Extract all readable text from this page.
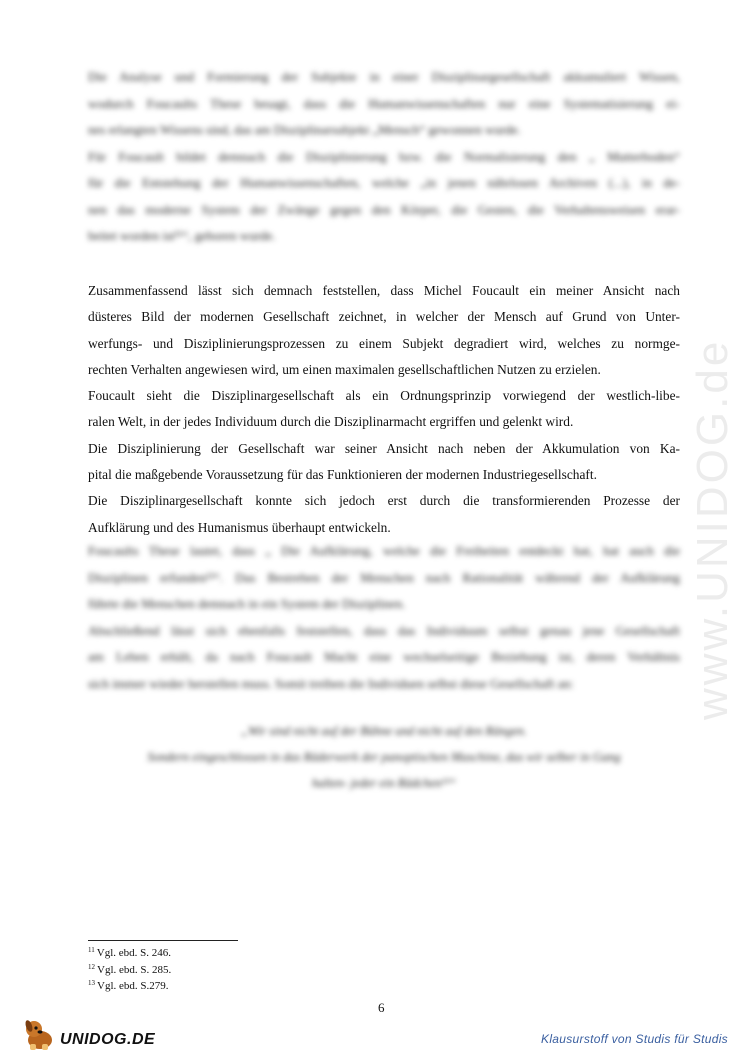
www.UNIDOG.de
Die Analyse und Formierung der Subjekte in einer Disziplinargesellschaft akkumuliert Wissen,
wodurch Foucaults These besagt, dass die Humanwissenschaften nur eine Systematisierung ei-
nes erlangten Wissens sind, das am Disziplinarsubjekt „Mensch“ gewonnen wurde.
Für Foucault bildet demnach die Disziplinierung bzw. die Normalisierung den „ Mutterboden“
für die Entstehung der Humanwissenschaften, welche „in jenen nährlosen Archiven (...), in de-
nen das moderne System der Zwänge gegen den Körper, die Gesten, die Verhaltensweisen erar-
beitet worden ist¹¹“, geboren wurde.
Zusammenfassend lässt sich demnach feststellen, dass Michel Foucault ein meiner Ansicht nach
düsteres Bild der modernen Gesellschaft zeichnet, in welcher der Mensch auf Grund von Unter-
werfungs- und Disziplinierungsprozessen zu einem Subjekt degradiert wird, welches zu normge-
rechten Verhalten angewiesen wird, um einen maximalen gesellschaftlichen Nutzen zu erzielen.
Foucault sieht die Disziplinargesellschaft als ein Ordnungsprinzip vorwiegend der westlich-libe-
ralen Welt, in der jedes Individuum durch die Disziplinarmacht ergriffen und gelenkt wird.
Die Disziplinierung der Gesellschaft war seiner Ansicht nach neben der Akkumulation von Ka-
pital die maßgebende Voraussetzung für das Funktionieren der modernen Industriegesellschaft.
Die Disziplinargesellschaft konnte sich jedoch erst durch die transformierenden Prozesse der
Aufklärung und des Humanismus überhaupt entwickeln.
Foucaults These lautet, dass „ Die Aufklärung, welche die Freiheiten entdeckt hat, hat auch die
Disziplinen erfunden¹²“. Das Bestreben der Menschen nach Rationalität während der Aufklärung
führte die Menschen demnach in ein System der Disziplinen.
Abschließend lässt sich ebenfalls feststellen, dass das Individuum selbst genau jene Gesellschaft
am Leben erhält, da nach Foucault Macht eine wechselseitige Beziehung ist, deren Verhältnis
sich immer wieder herstellen muss. Somit treiben die Individuen selbst diese Gesellschaft an:
„Wir sind nicht auf der Bühne und nicht auf den Rängen.
Sondern eingeschlossen in das Räderwerk der panoptischen Maschine, das wir selber in Gang
halten- jeder ein Rädchen¹³“
$^{11}$ Vgl. ebd. S. 246.
$^{12}$ Vgl. ebd. S. 285.
$^{13}$ Vgl. ebd. S.279.
6
UNIDOG.DE	Klausurstoff von Studis für Studis
